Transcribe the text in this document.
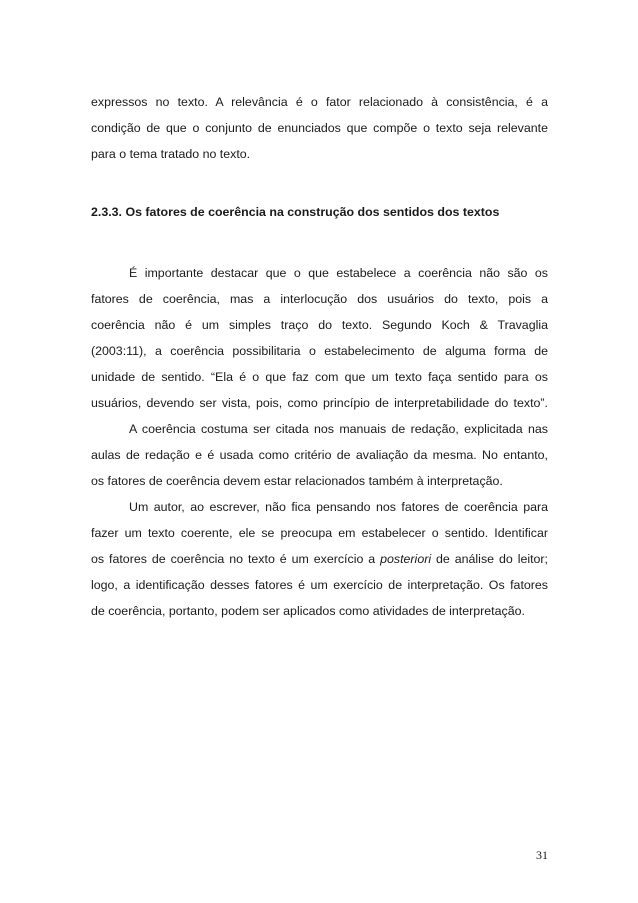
expressos no texto. A relevância é o fator relacionado à consistência, é a
condição de que o conjunto de enunciados que compõe o texto seja relevante
para o tema tratado no texto.
2.3.3. Os fatores de coerência na construção dos sentidos dos textos
É importante destacar que o que estabelece a coerência não são os
fatores de coerência, mas a interlocução dos usuários do texto, pois a
coerência não é um simples traço do texto. Segundo Koch & Travaglia
(2003:11), a coerência possibilitaria o estabelecimento de alguma forma de
unidade de sentido. “Ela é o que faz com que um texto faça sentido para os
usuários, devendo ser vista, pois, como princípio de interpretabilidade do texto”.
A coerência costuma ser citada nos manuais de redação, explicitada nas
aulas de redação e é usada como critério de avaliação da mesma. No entanto,
os fatores de coerência devem estar relacionados também à interpretação.
Um autor, ao escrever, não fica pensando nos fatores de coerência para
fazer um texto coerente, ele se preocupa em estabelecer o sentido. Identificar
os fatores de coerência no texto é um exercício a posteriori de análise do leitor;
logo, a identificação desses fatores é um exercício de interpretação. Os fatores
de coerência, portanto, podem ser aplicados como atividades de interpretação.
31
